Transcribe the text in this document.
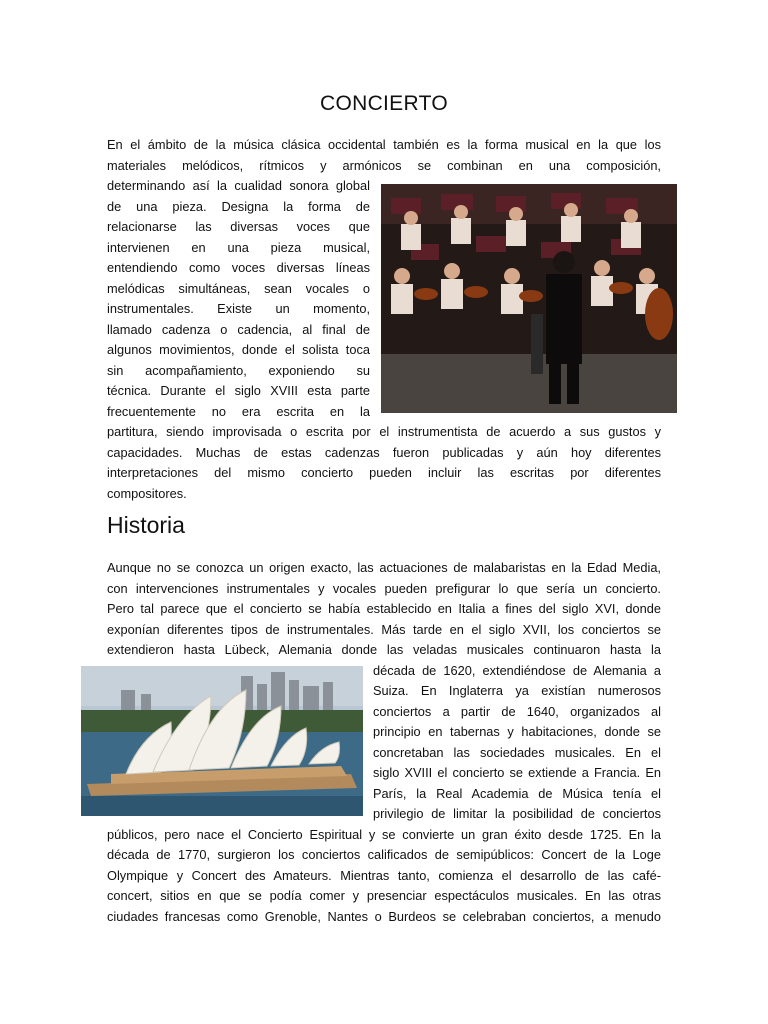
CONCIERTO
En el ámbito de la música clásica occidental también es la forma musical en la que los
materiales melódicos, rítmicos y armónicos se combinan en una composición,
determinando así la cualidad sonora global
de una pieza. Designa la forma de
relacionarse las diversas voces que
intervienen en una pieza musical,
entendiendo como voces diversas líneas
melódicas simultáneas, sean vocales o
instrumentales. Existe un momento,
llamado cadenza o cadencia, al final de
algunos movimientos, donde el solista toca
sin acompañamiento, exponiendo su
técnica. Durante el siglo XVIII esta parte
frecuentemente no era escrita en la
partitura, siendo improvisada o escrita por el instrumentista de acuerdo a sus gustos y
capacidades. Muchas de estas cadenzas fueron publicadas y aún hoy diferentes
interpretaciones del mismo concierto pueden incluir las escritas por diferentes
compositores.
Historia
Aunque no se conozca un origen exacto, las actuaciones de malabaristas en la Edad Media,
con intervenciones instrumentales y vocales pueden prefigurar lo que sería un concierto.
Pero tal parece que el concierto se había establecido en Italia a fines del siglo XVI, donde
exponían diferentes tipos de instrumentales. Más tarde en el siglo XVII, los conciertos se
extendieron hasta Lübeck, Alemania donde las veladas musicales continuaron hasta la
década de 1620, extendiéndose de Alemania a
Suiza. En Inglaterra ya existían numerosos
conciertos a partir de 1640, organizados al
principio en tabernas y habitaciones, donde se
concretaban las sociedades musicales. En el
siglo XVIII el concierto se extiende a Francia. En
París, la Real Academia de Música tenía el
privilegio de limitar la posibilidad de conciertos
públicos, pero nace el Concierto Espiritual y se convierte un gran éxito desde 1725. En la
década de 1770, surgieron los conciertos calificados de semipúblicos: Concert de la Loge
Olympique y Concert des Amateurs. Mientras tanto, comienza el desarrollo de las café-
concert, sitios en que se podía comer y presenciar espectáculos musicales. En las otras
ciudades francesas como Grenoble, Nantes o Burdeos se celebraban conciertos, a menudo
